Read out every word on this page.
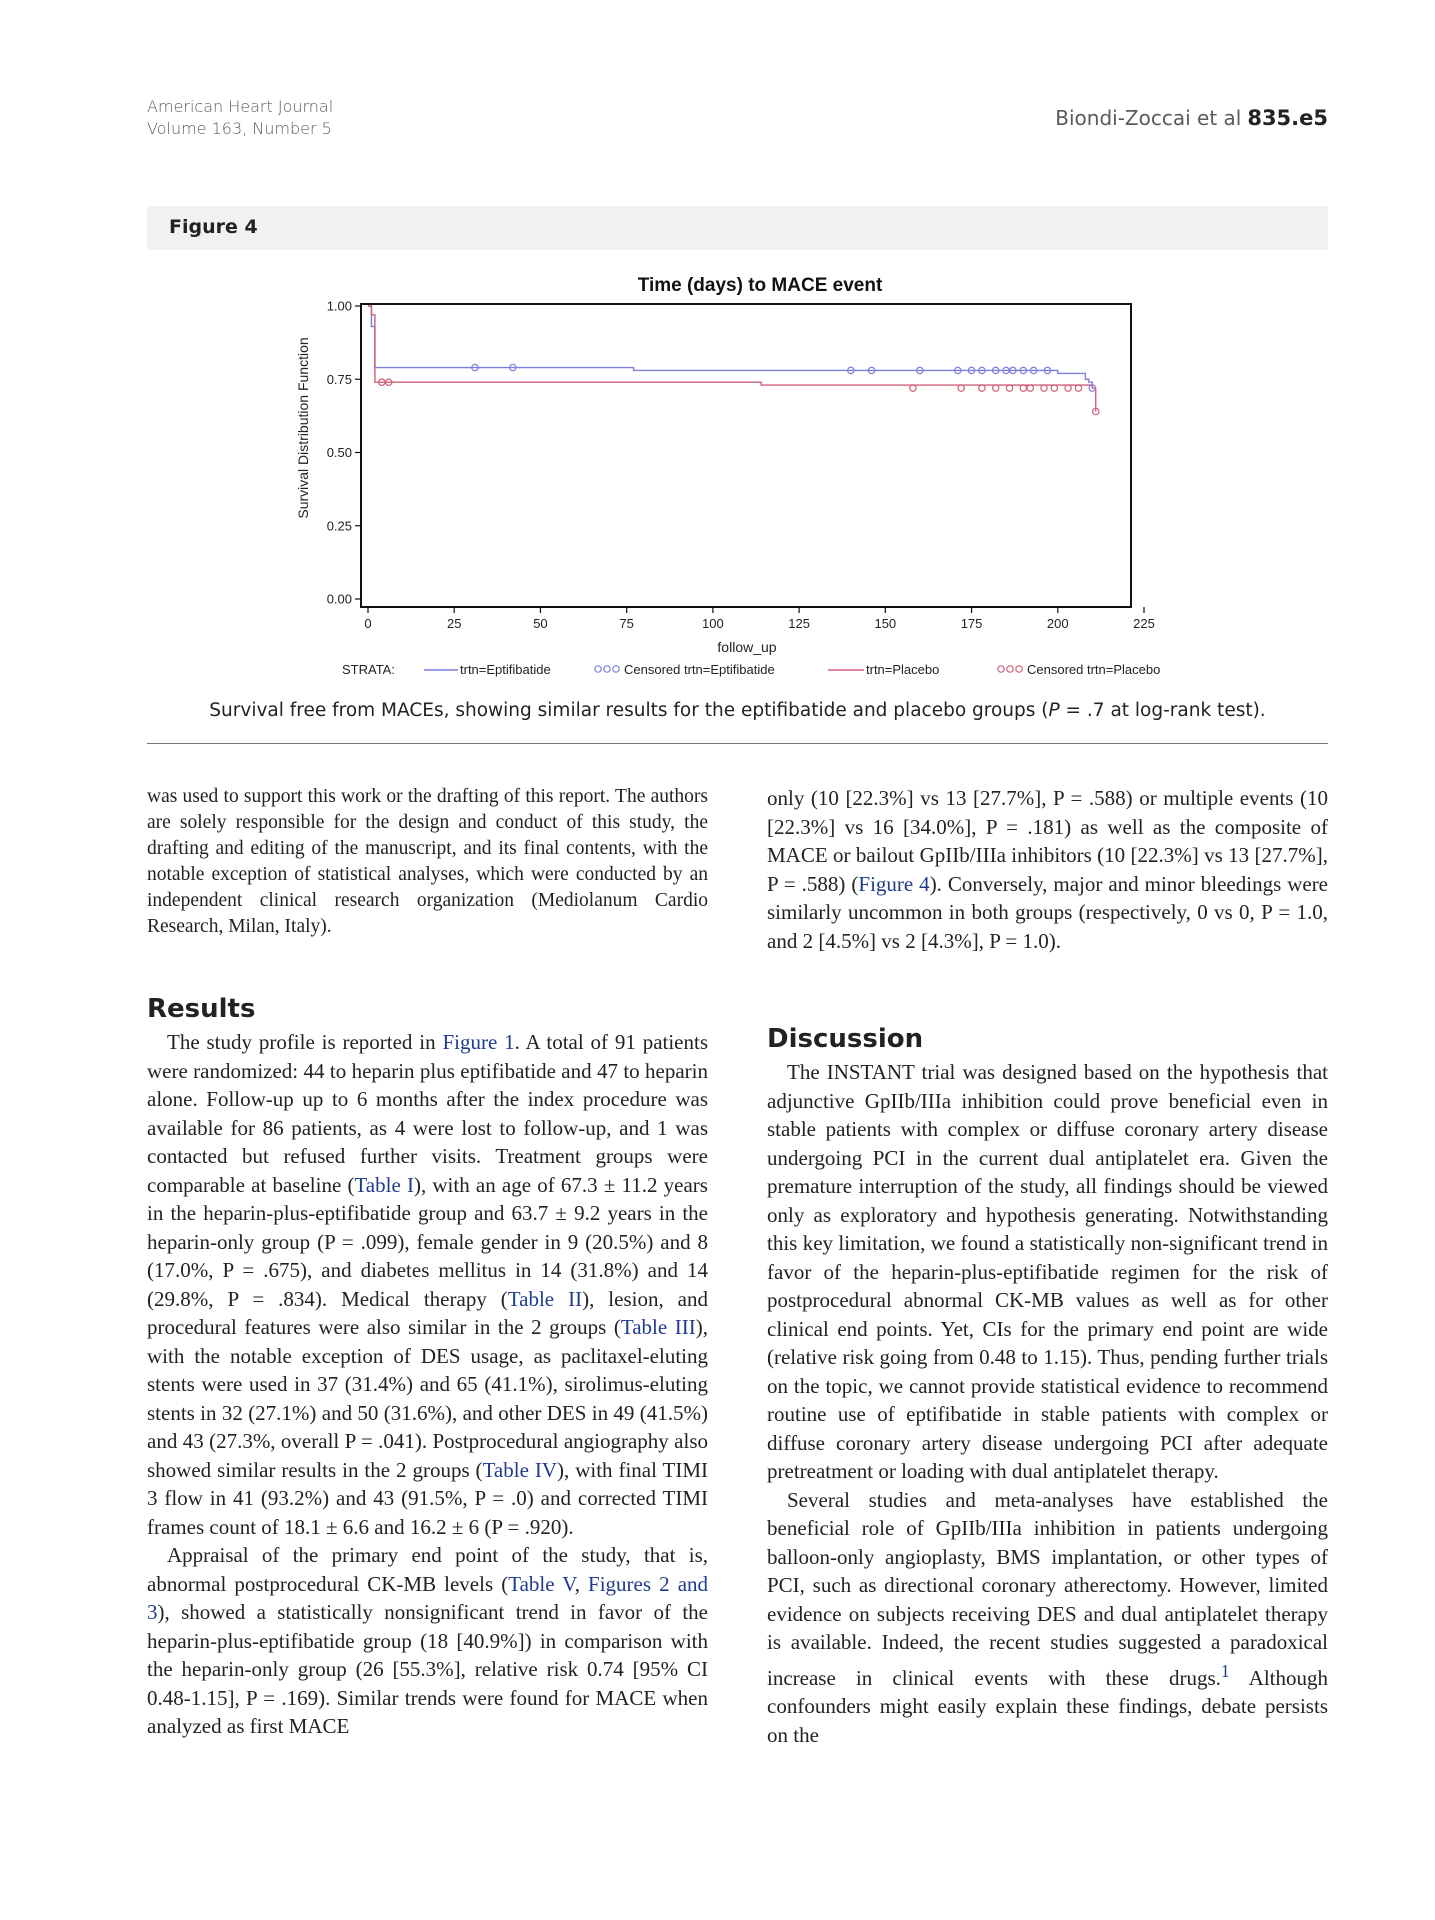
American Heart Journal
Volume 163, Number 5	Biondi-Zoccai et al 835.e5
Figure 4
Time (days) to MACE event
Survival Distribution Function
follow_up
0	25	50	75	100	125	150	175	200	225
0.00
0.25
0.50
0.75
1.00
STRATA:	trtn=Eptifibatide	Censored trtn=Eptifibatide	trtn=Placebo	Censored trtn=Placebo
Survival free from MACEs, showing similar results for the eptifibatide and placebo groups (P = .7 at log-rank test).

was used to support this work or the drafting of this report. The authors are solely responsible for the design and conduct of this study, the drafting and editing of the manuscript, and its final contents, with the notable exception of statistical analyses, which were conducted by an independent clinical research organization (Mediolanum Cardio Research, Milan, Italy).

Results

The study profile is reported in Figure 1. A total of 91 patients were randomized: 44 to heparin plus eptifibatide and 47 to heparin alone. Follow-up up to 6 months after the index procedure was available for 86 patients, as 4 were lost to follow-up, and 1 was contacted but refused further visits. Treatment groups were comparable at baseline (Table I), with an age of 67.3 ± 11.2 years in the heparin-plus-eptifibatide group and 63.7 ± 9.2 years in the heparin-only group (P = .099), female gender in 9 (20.5%) and 8 (17.0%, P = .675), and diabetes mellitus in 14 (31.8%) and 14 (29.8%, P = .834). Medical therapy (Table II), lesion, and procedural features were also similar in the 2 groups (Table III), with the notable exception of DES usage, as paclitaxel-eluting stents were used in 37 (31.4%) and 65 (41.1%), sirolimus-eluting stents in 32 (27.1%) and 50 (31.6%), and other DES in 49 (41.5%) and 43 (27.3%, overall P = .041). Postprocedural angiography also showed similar results in the 2 groups (Table IV), with final TIMI 3 flow in 41 (93.2%) and 43 (91.5%, P = .0) and corrected TIMI frames count of 18.1 ± 6.6 and 16.2 ± 6 (P = .920).

Appraisal of the primary end point of the study, that is, abnormal postprocedural CK-MB levels (Table V, Figures 2 and 3), showed a statistically nonsignificant trend in favor of the heparin-plus-eptifibatide group (18 [40.9%]) in comparison with the heparin-only group (26 [55.3%], relative risk 0.74 [95% CI 0.48-1.15], P = .169). Similar trends were found for MACE when analyzed as first MACE

only (10 [22.3%] vs 13 [27.7%], P = .588) or multiple events (10 [22.3%] vs 16 [34.0%], P = .181) as well as the composite of MACE or bailout GpIIb/IIIa inhibitors (10 [22.3%] vs 13 [27.7%], P = .588) (Figure 4). Conversely, major and minor bleedings were similarly uncommon in both groups (respectively, 0 vs 0, P = 1.0, and 2 [4.5%] vs 2 [4.3%], P = 1.0).

Discussion

The INSTANT trial was designed based on the hypothesis that adjunctive GpIIb/IIIa inhibition could prove beneficial even in stable patients with complex or diffuse coronary artery disease undergoing PCI in the current dual antiplatelet era. Given the premature interruption of the study, all findings should be viewed only as exploratory and hypothesis generating. Notwithstanding this key limitation, we found a statistically non-significant trend in favor of the heparin-plus-eptifibatide regimen for the risk of postprocedural abnormal CK-MB values as well as for other clinical end points. Yet, CIs for the primary end point are wide (relative risk going from 0.48 to 1.15). Thus, pending further trials on the topic, we cannot provide statistical evidence to recommend routine use of eptifibatide in stable patients with complex or diffuse coronary artery disease undergoing PCI after adequate pretreatment or loading with dual antiplatelet therapy.

Several studies and meta-analyses have established the beneficial role of GpIIb/IIIa inhibition in patients undergoing balloon-only angioplasty, BMS implantation, or other types of PCI, such as directional coronary atherectomy. However, limited evidence on subjects receiving DES and dual antiplatelet therapy is available. Indeed, the recent studies suggested a paradoxical increase in clinical events with these drugs.$^1$ Although confounders might easily explain these findings, debate persists on the
